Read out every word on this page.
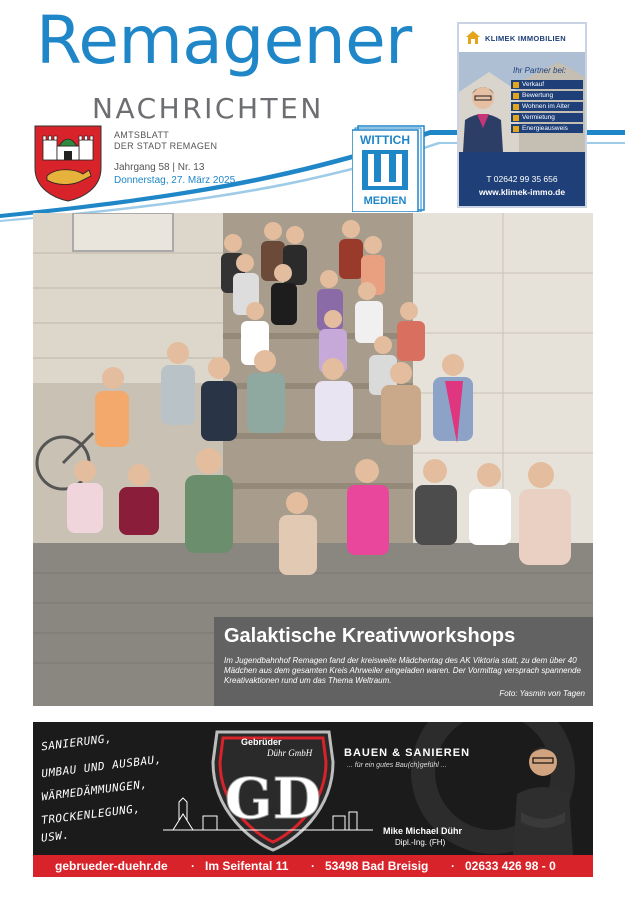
Remagener
NACHRICHTEN
AMTSBLATT
DER STADT REMAGEN
Jahrgang 58 | Nr. 13
Donnerstag, 27. März 2025
WITTICH
MEDIEN
KLIMEK IMMOBILIEN
Ihr Partner bei:
Verkauf
Bewertung
Wohnen im Alter
Vermietung
Energieausweis
T 02642 99 35 656
www.klimek-immo.de
Galaktische Kreativworkshops
Im Jugendbahnhof Remagen fand der kreisweite Mädchentag des AK Viktoria statt, zu dem über 40 Mädchen aus dem gesamten Kreis Ahrweiler eingeladen waren. Der Vormittag versprach spannende Kreativaktionen rund um das Thema Weltraum.
Foto: Yasmin von Tagen
Gebrüder
Dühr GmbH
GD
SANIERUNG,
UMBAU UND AUSBAU,
WÄRMEDÄMMUNGEN,
TROCKENLEGUNG,
USW.
BAUEN & SANIEREN
... für ein gutes Bau(ch)gefühl ...
Mike Michael Dühr
Dipl.-Ing. (FH)
gebrueder-duehr.de · Im Seifental 11 · 53498 Bad Breisig · 02633 426 98 - 0
